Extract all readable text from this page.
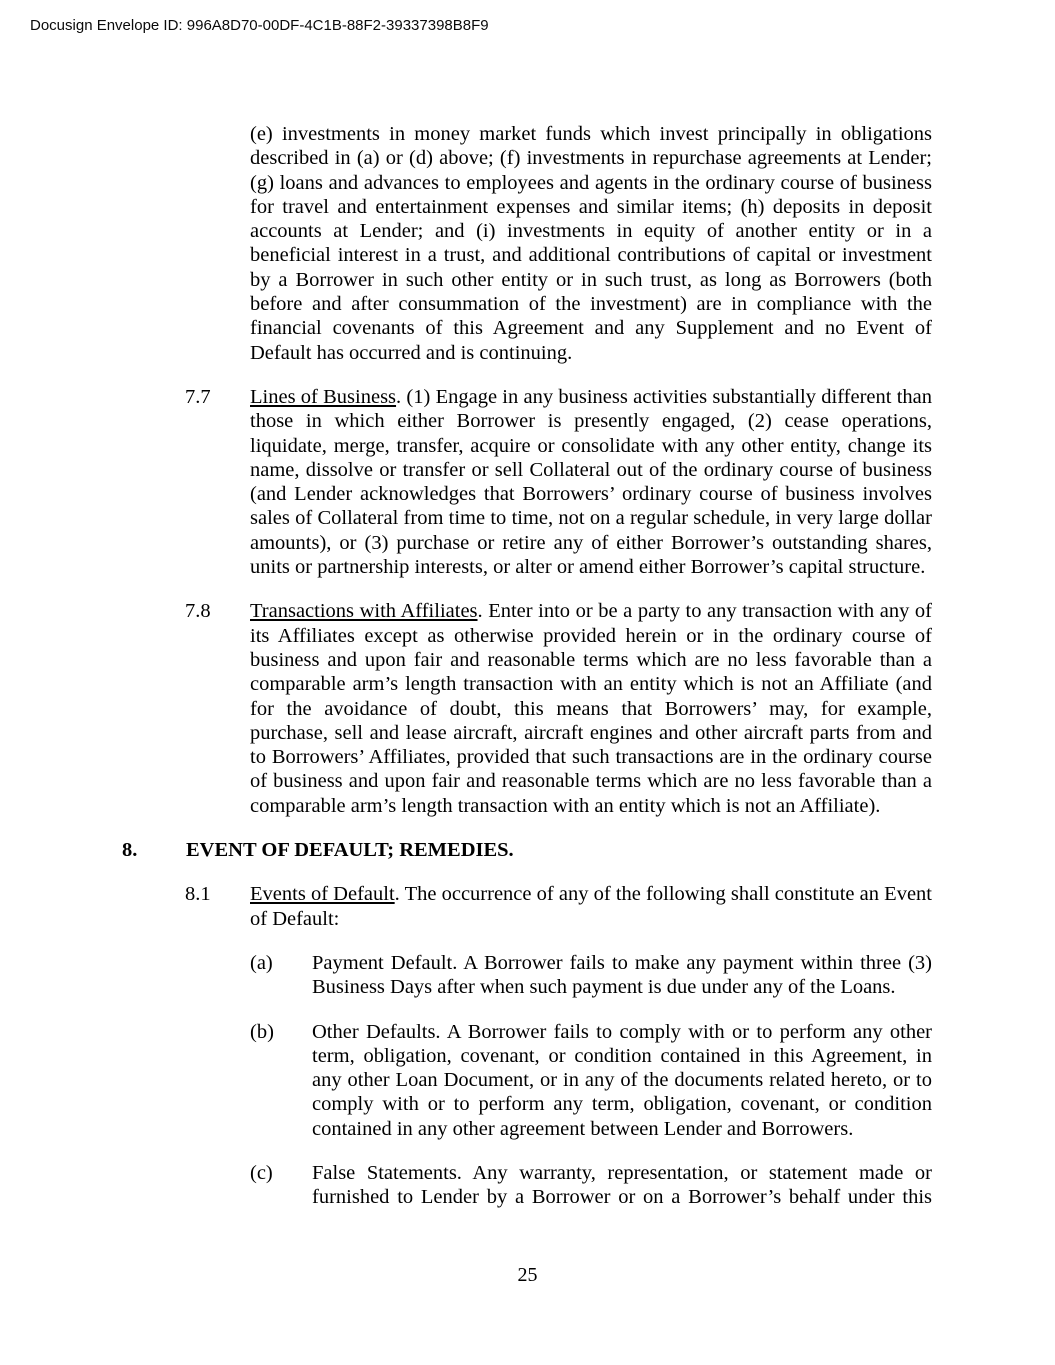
Docusign Envelope ID: 996A8D70-00DF-4C1B-88F2-39337398B8F9

(e) investments in money market funds which invest principally in obligations described in (a) or (d) above; (f) investments in repurchase agreements at Lender; (g) loans and advances to employees and agents in the ordinary course of business for travel and entertainment expenses and similar items; (h) deposits in deposit accounts at Lender; and (i) investments in equity of another entity or in a beneficial interest in a trust, and additional contributions of capital or investment by a Borrower in such other entity or in such trust, as long as Borrowers (both before and after consummation of the investment) are in compliance with the financial covenants of this Agreement and any Supplement and no Event of Default has occurred and is continuing.

7.7	Lines of Business. (1) Engage in any business activities substantially different than those in which either Borrower is presently engaged, (2) cease operations, liquidate, merge, transfer, acquire or consolidate with any other entity, change its name, dissolve or transfer or sell Collateral out of the ordinary course of business (and Lender acknowledges that Borrowers’ ordinary course of business involves sales of Collateral from time to time, not on a regular schedule, in very large dollar amounts), or (3) purchase or retire any of either Borrower’s outstanding shares, units or partnership interests, or alter or amend either Borrower’s capital structure.
7.8	Transactions with Affiliates. Enter into or be a party to any transaction with any of its Affiliates except as otherwise provided herein or in the ordinary course of business and upon fair and reasonable terms which are no less favorable than a comparable arm’s length transaction with an entity which is not an Affiliate (and for the avoidance of doubt, this means that Borrowers’ may, for example, purchase, sell and lease aircraft, aircraft engines and other aircraft parts from and to Borrowers’ Affiliates, provided that such transactions are in the ordinary course of business and upon fair and reasonable terms which are no less favorable than a comparable arm’s length transaction with an entity which is not an Affiliate).
8.	EVENT OF DEFAULT; REMEDIES.
8.1	Events of Default. The occurrence of any of the following shall constitute an Event of Default:
(a)	Payment Default. A Borrower fails to make any payment within three (3) Business Days after when such payment is due under any of the Loans.
(b)	Other Defaults. A Borrower fails to comply with or to perform any other term, obligation, covenant, or condition contained in this Agreement, in any other Loan Document, or in any of the documents related hereto, or to comply with or to perform any term, obligation, covenant, or condition contained in any other agreement between Lender and Borrowers.
(c)	False Statements. Any warranty, representation, or statement made or furnished to Lender by a Borrower or on a Borrower’s behalf under this
25
